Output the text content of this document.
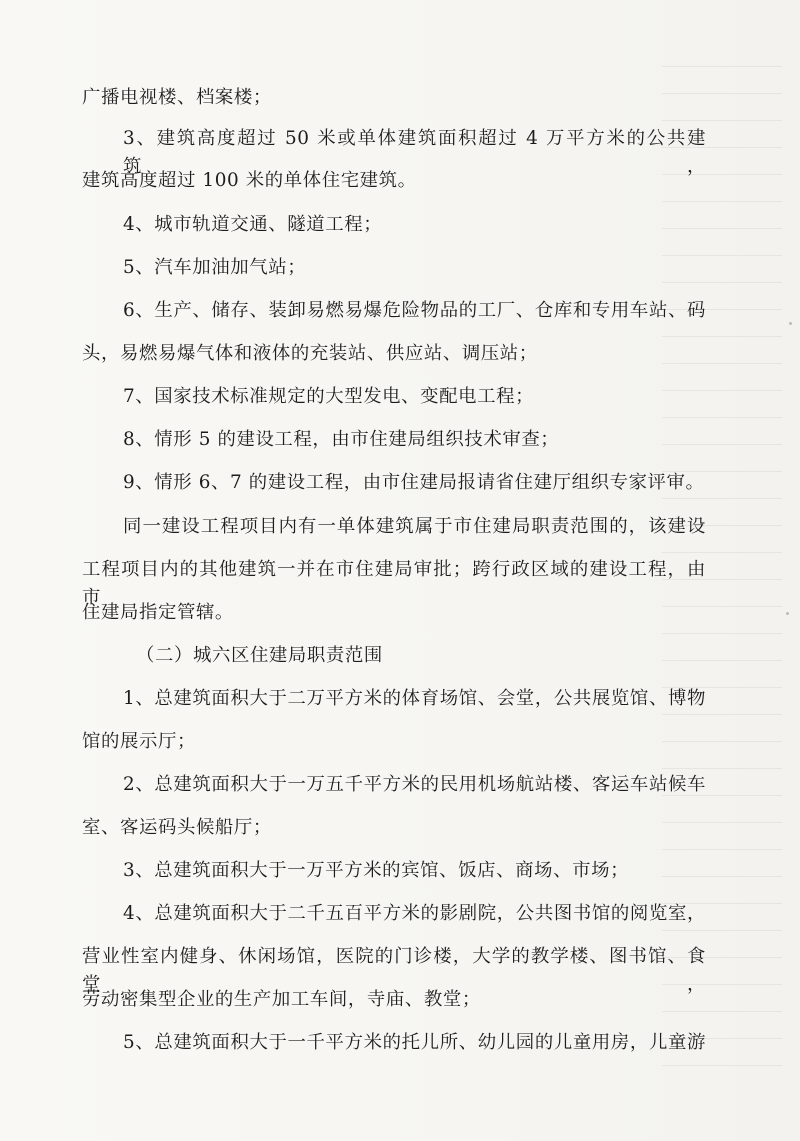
广播电视楼、档案楼；
3、建筑高度超过 50 米或单体建筑面积超过 4 万平方米的公共建筑，
建筑高度超过 100 米的单体住宅建筑。
4、城市轨道交通、隧道工程；
5、汽车加油加气站；
6、生产、储存、装卸易燃易爆危险物品的工厂、仓库和专用车站、码
头，易燃易爆气体和液体的充装站、供应站、调压站；
7、国家技术标准规定的大型发电、变配电工程；
8、情形 5 的建设工程，由市住建局组织技术审查；
9、情形 6、7 的建设工程，由市住建局报请省住建厅组织专家评审。
同一建设工程项目内有一单体建筑属于市住建局职责范围的，该建设
工程项目内的其他建筑一并在市住建局审批；跨行政区域的建设工程，由市
住建局指定管辖。
（二）城六区住建局职责范围
1、总建筑面积大于二万平方米的体育场馆、会堂，公共展览馆、博物
馆的展示厅；
2、总建筑面积大于一万五千平方米的民用机场航站楼、客运车站候车
室、客运码头候船厅；
3、总建筑面积大于一万平方米的宾馆、饭店、商场、市场；
4、总建筑面积大于二千五百平方米的影剧院，公共图书馆的阅览室，
营业性室内健身、休闲场馆，医院的门诊楼，大学的教学楼、图书馆、食堂，
劳动密集型企业的生产加工车间，寺庙、教堂；
5、总建筑面积大于一千平方米的托儿所、幼儿园的儿童用房，儿童游
